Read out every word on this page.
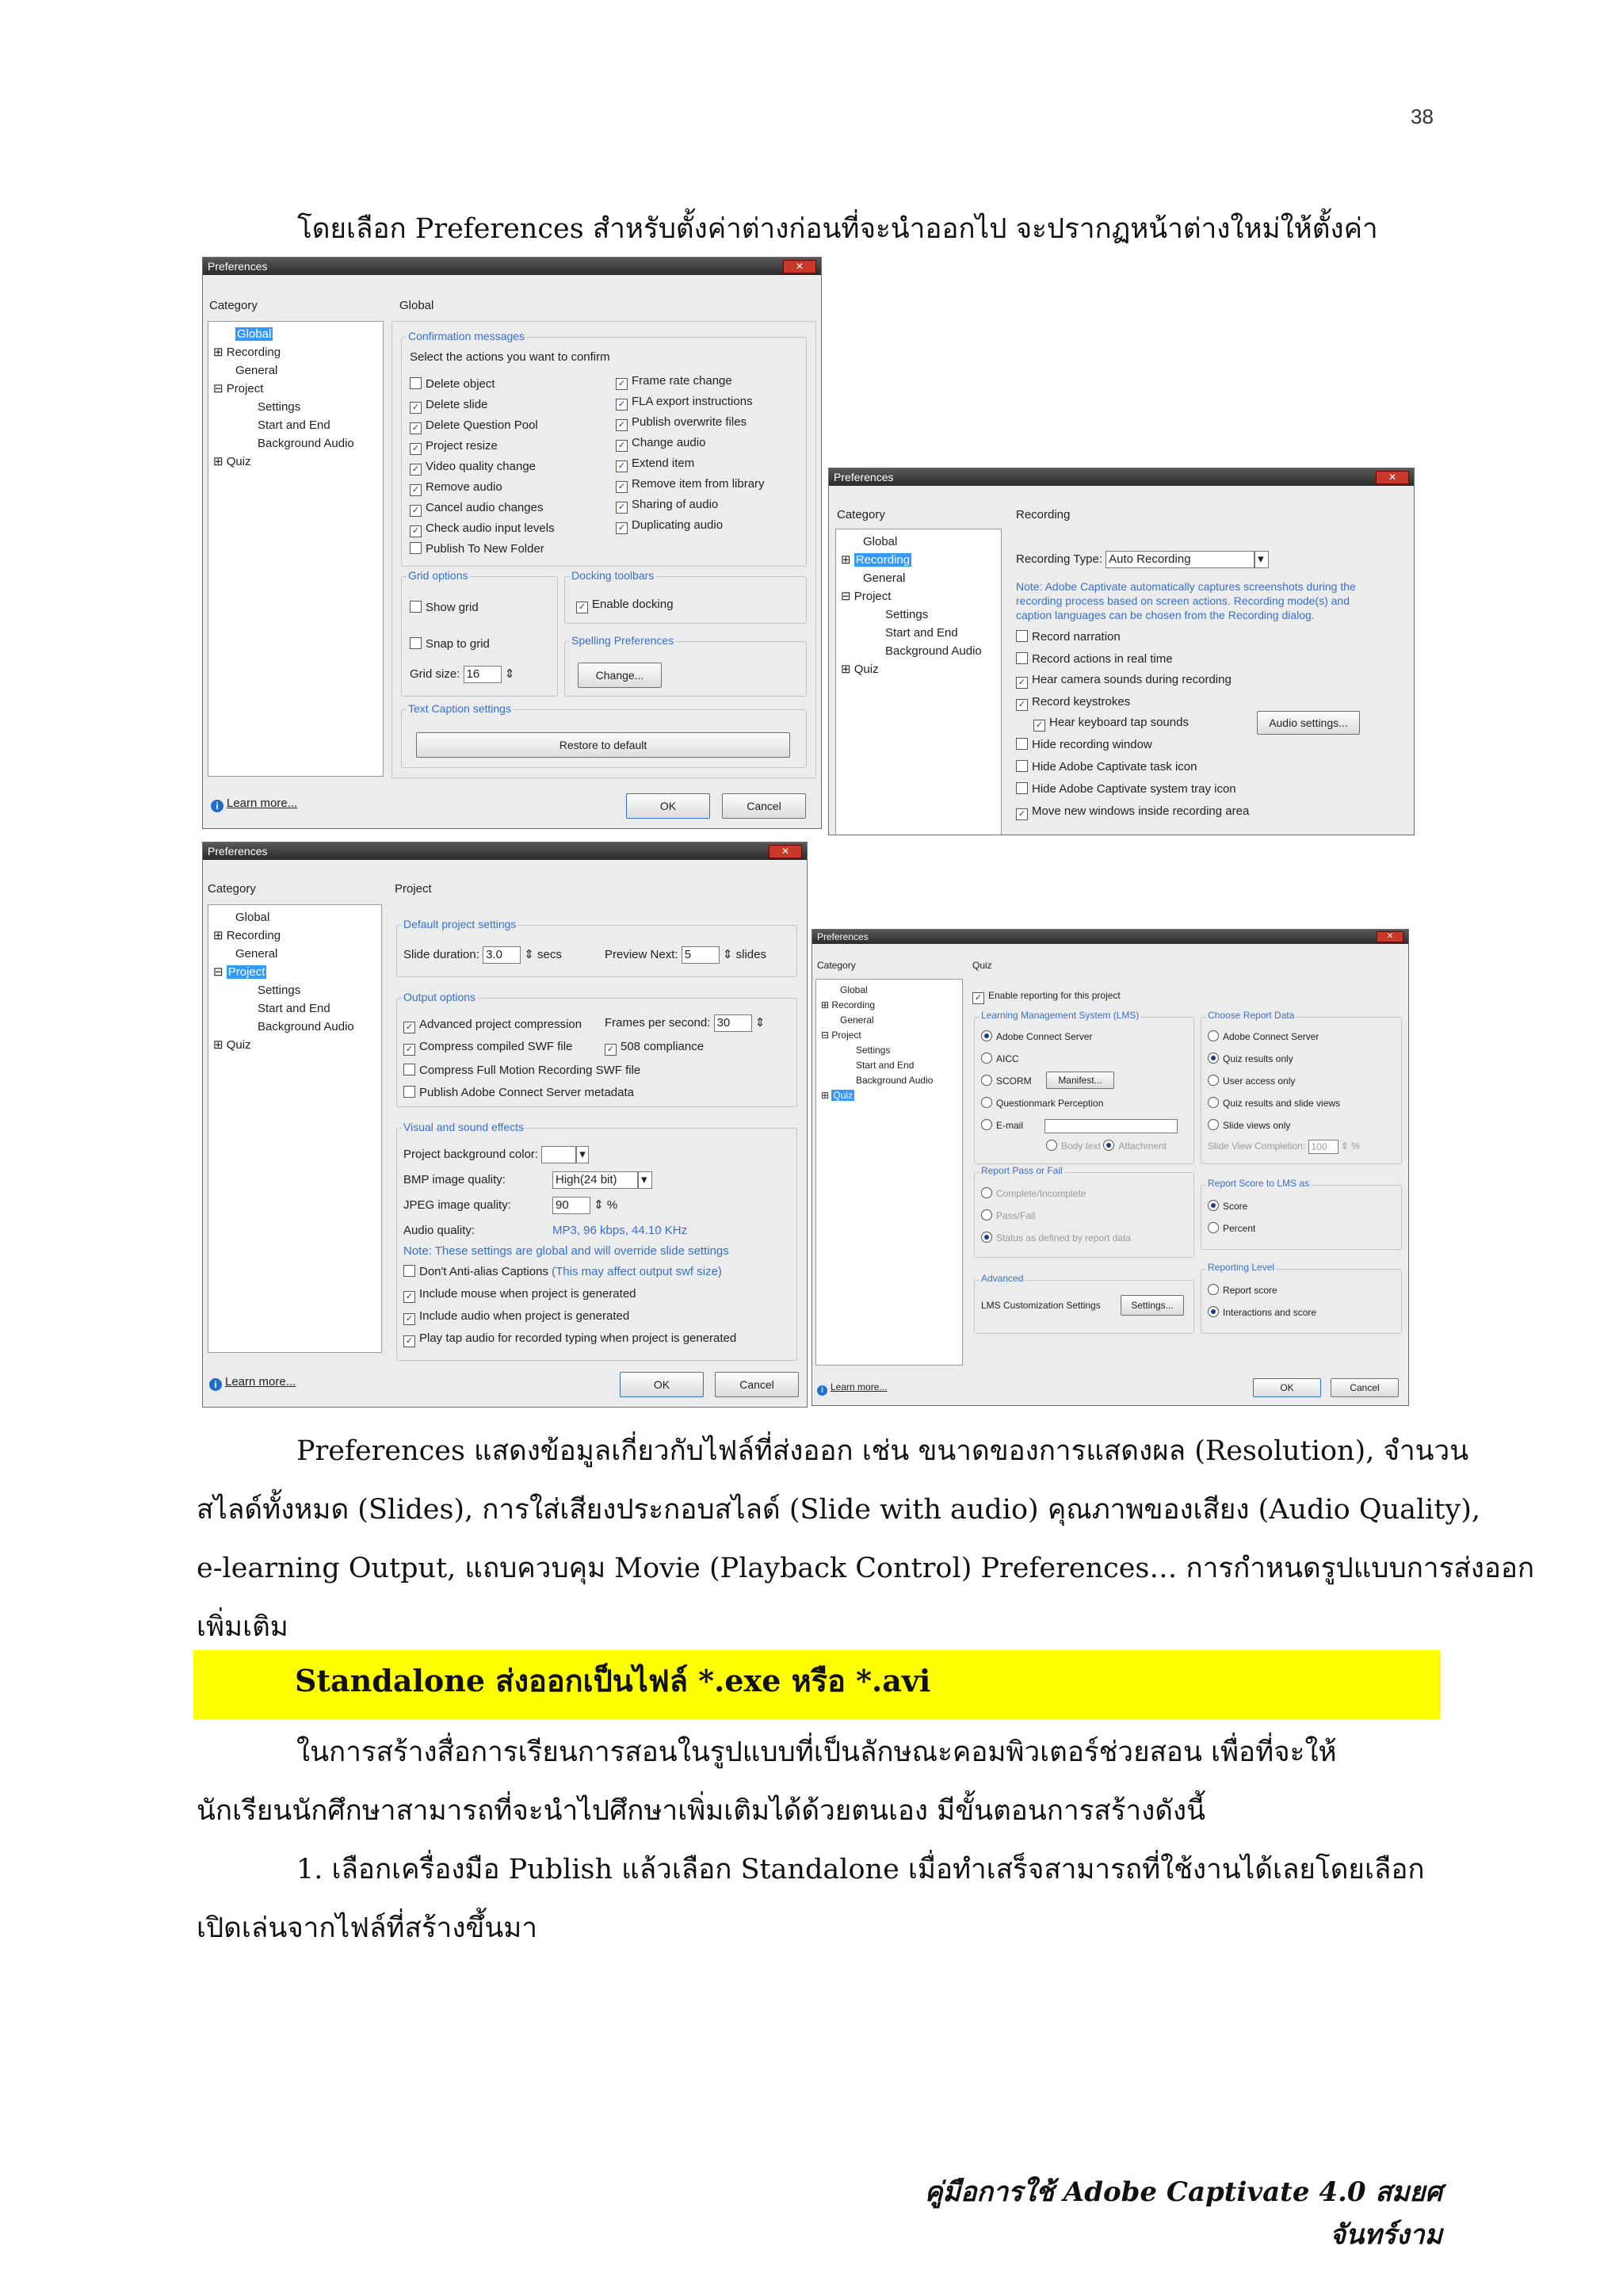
38
โดยเลือก Preferences สำหรับตั้งค่าต่างก่อนที่จะนำออกไป จะปรากฏหน้าต่างใหม่ให้ตั้งค่า
Preferences	✕
Category	Global
Global
⊞ Recording
General
⊟ Project
Settings
Start and End
Background Audio
⊞ Quiz
Confirmation messages
Select the actions you want to confirm
Delete object
✓ Delete slide
✓ Delete Question Pool
✓ Project resize
✓ Video quality change
✓ Remove audio
✓ Cancel audio changes
✓ Check audio input levels
Publish To New Folder
✓ Frame rate change
✓ FLA export instructions
✓ Publish overwrite files
✓ Change audio
✓ Extend item
✓ Remove item from library
✓ Sharing of audio
✓ Duplicating audio
Grid options
Show grid
Snap to grid
Grid size: 16 ⇕
Docking toolbars
✓ Enable docking
Spelling Preferences
Change...
Text Caption settings
Restore to default
i Learn more...	OK	Cancel
Preferences	✕
Category	Recording
Global
⊞ Recording
General
⊟ Project
Settings
Start and End
Background Audio
⊞ Quiz
Recording Type: Auto Recording	▾
Note: Adobe Captivate automatically captures screenshots during the recording process based on screen actions. Recording mode(s) and caption languages can be chosen from the Recording dialog.
Record narration
Record actions in real time
✓ Hear camera sounds during recording
✓ Record keystrokes
✓ Hear keyboard tap sounds	Audio settings...
Hide recording window
Hide Adobe Captivate task icon
Hide Adobe Captivate system tray icon
✓ Move new windows inside recording area
Preferences	✕
Category	Project
Global
⊞ Recording
General
⊟ Project
Settings
Start and End
Background Audio
⊞ Quiz
Default project settings
Slide duration: 3.0 ⇕ secs	Preview Next: 5 ⇕ slides
Output options
✓ Advanced project compression Frames per second: 30 ⇕
✓ Compress compiled SWF file	✓ 508 compliance
Compress Full Motion Recording SWF file
Publish Adobe Connect Server metadata
Visual and sound effects
Project background color:	▾
BMP image quality:	High(24 bit) ▾
JPEG image quality:	90 ⇕ %
Audio quality:	MP3, 96 kbps, 44.10 KHz
Note: These settings are global and will override slide settings
Don't Anti-alias Captions (This may affect output swf size)
✓ Include mouse when project is generated
✓ Include audio when project is generated
✓ Play tap audio for recorded typing when project is generated
i Learn more...	OK	Cancel
Preferences	✕
Category	Quiz
Global
⊞ Recording
General
⊟ Project
Settings
Start and End
Background Audio
⊞ Quiz
✓ Enable reporting for this project
Learning Management System (LMS)
Adobe Connect Server
AICC
SCORM	Manifest...
Questionmark Perception
E-mail
Body text Attachment
Choose Report Data
Adobe Connect Server
Quiz results only
User access only
Quiz results and slide views
Slide views only
Slide View Completion: 100 ⇕ %
Report Pass or Fail
Complete/Incomplete
Pass/Fail
Status as defined by report data
Report Score to LMS as
Score
Percent
Advanced
LMS Customization Settings	Settings...
Reporting Level
Report score
Interactions and score
i Learn more...	OK	Cancel
Preferences แสดงข้อมูลเกี่ยวกับไฟล์ที่ส่งออก เช่น ขนาดของการแสดงผล (Resolution), จำนวน
สไลด์ทั้งหมด (Slides), การใส่เสียงประกอบสไลด์ (Slide with audio) คุณภาพของเสียง (Audio Quality),
e-learning Output, แถบควบคุม Movie (Playback Control) Preferences… การกำหนดรูปแบบการส่งออก
เพิ่มเติม
Standalone ส่งออกเป็นไฟล์ *.exe หรือ *.avi
ในการสร้างสื่อการเรียนการสอนในรูปแบบที่เป็นลักษณะคอมพิวเตอร์ช่วยสอน เพื่อที่จะให้
นักเรียนนักศึกษาสามารถที่จะนำไปศึกษาเพิ่มเติมได้ด้วยตนเอง มีขั้นตอนการสร้างดังนี้
1. เลือกเครื่องมือ Publish แล้วเลือก Standalone เมื่อทำเสร็จสามารถที่ใช้งานได้เลยโดยเลือก
เปิดเล่นจากไฟล์ที่สร้างขึ้นมา
คู่มือการใช้ Adobe Captivate 4.0 สมยศ จันทร์งาม
